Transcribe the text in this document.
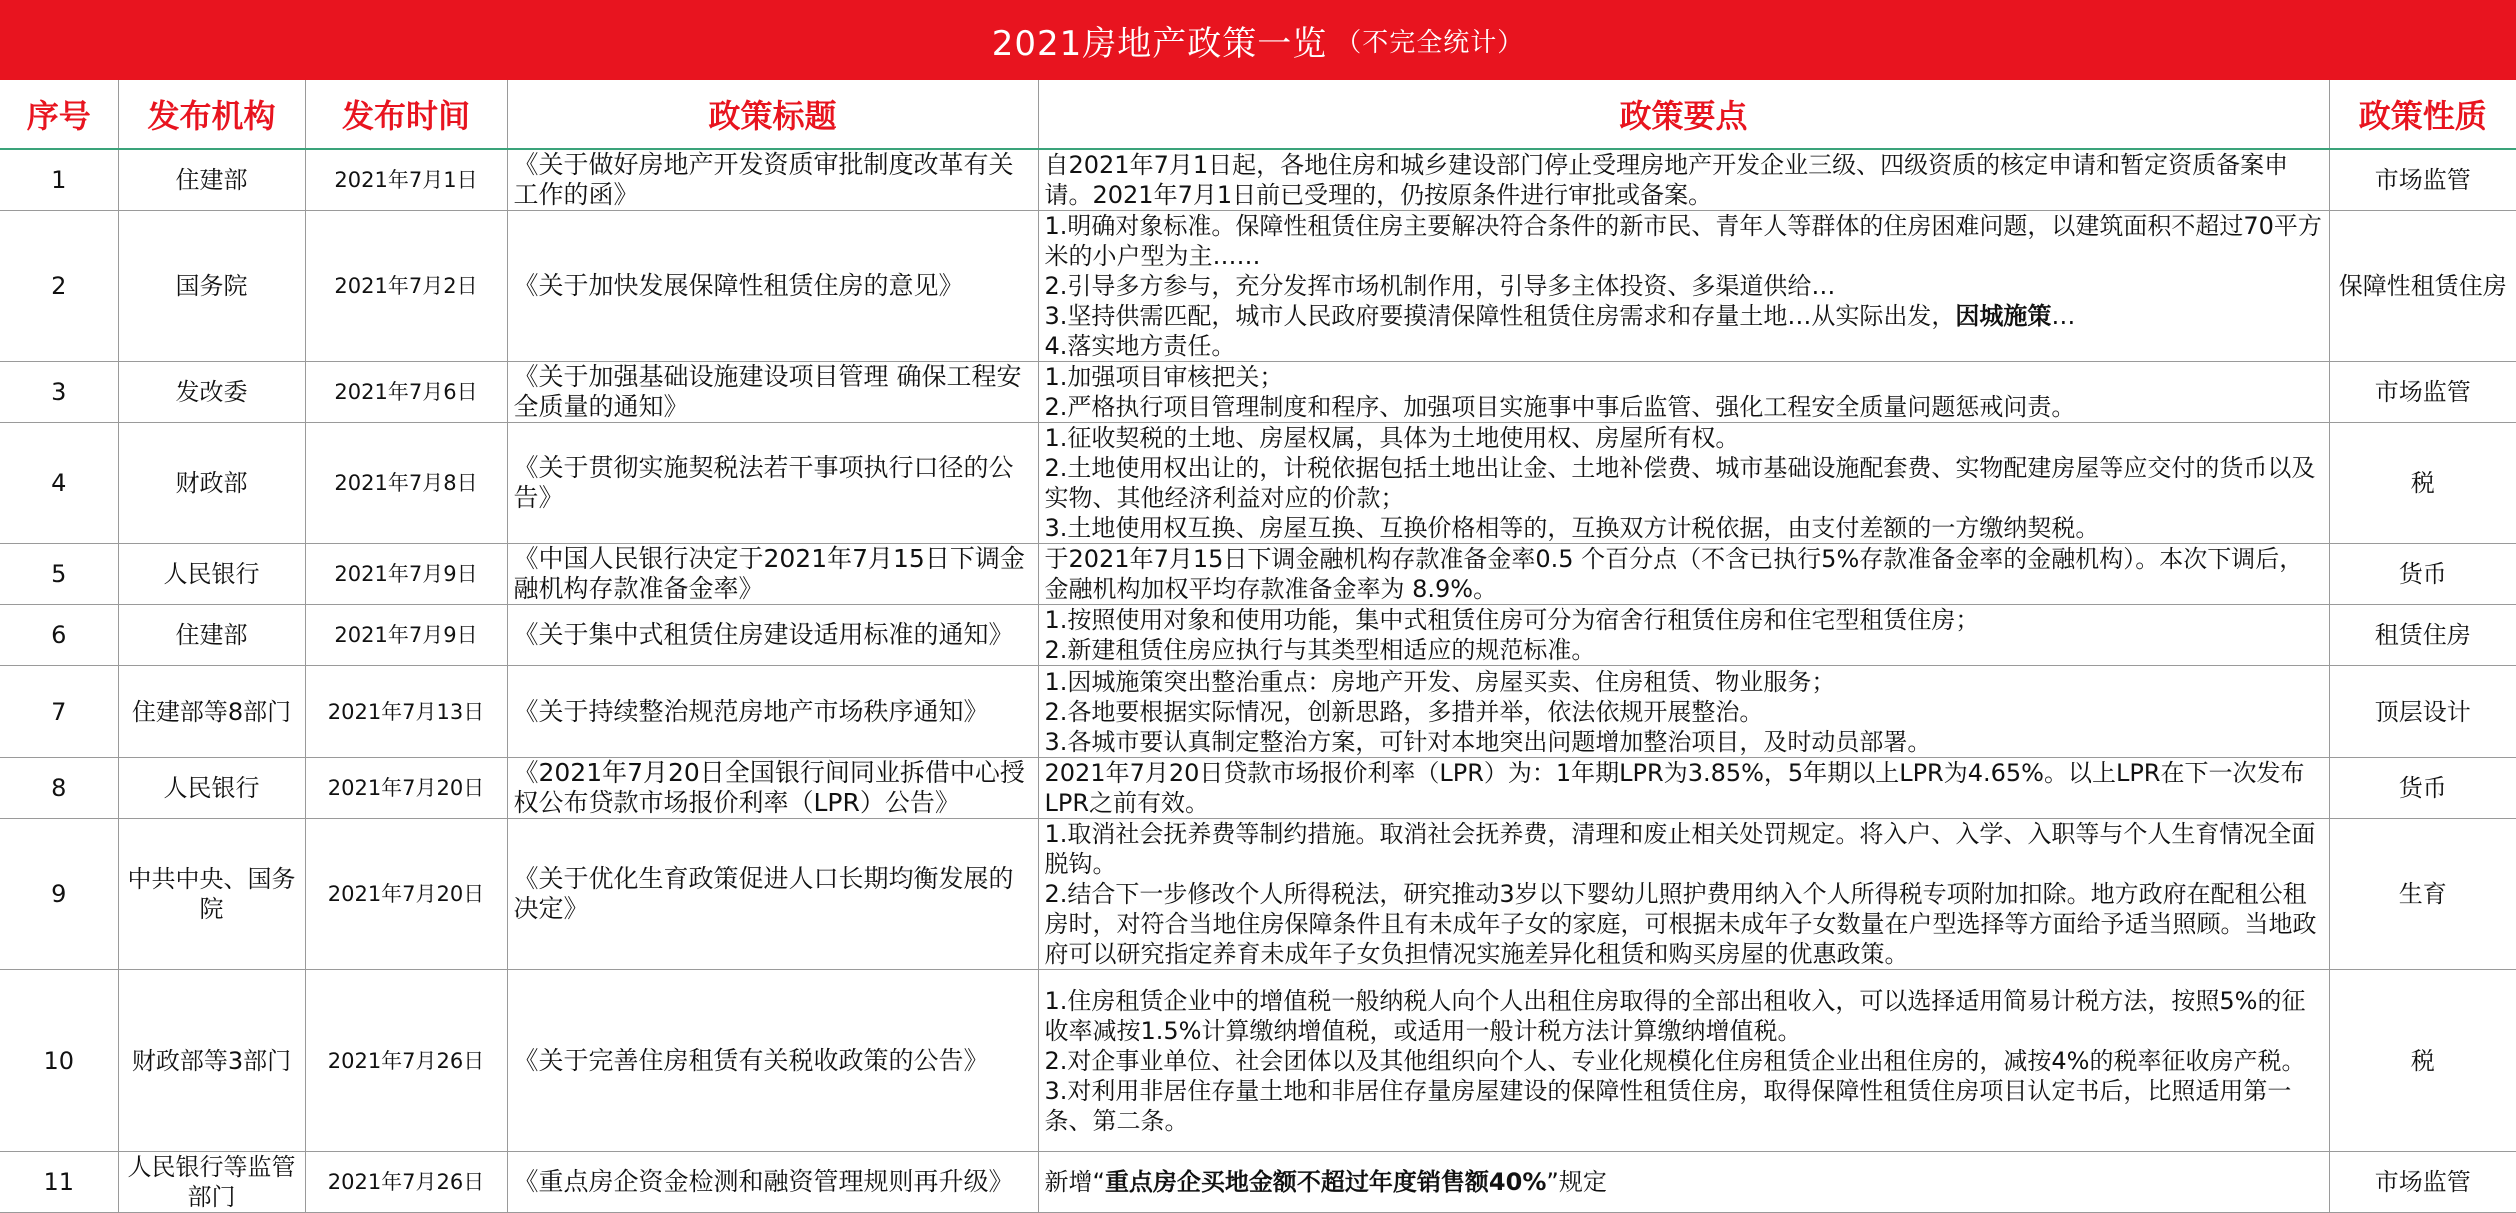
2021房地产政策一览 （不完全统计）
序号	发布机构	发布时间	政策标题	政策要点	政策性质
1	住建部	2021年7月1日	《关于做好房地产开发资质审批制度改革有关工作的函》	自2021年7月1日起，各地住房和城乡建设部门停止受理房地产开发企业三级、四级资质的核定申请和暂定资质备案申请。2021年7月1日前已受理的，仍按原条件进行审批或备案。	市场监管
2	国务院	2021年7月2日	《关于加快发展保障性租赁住房的意见》	1.明确对象标准。保障性租赁住房主要解决符合条件的新市民、青年人等群体的住房困难问题，以建筑面积不超过70平方米的小户型为主……
2.引导多方参与，充分发挥市场机制作用，引导多主体投资、多渠道供给…
3.坚持供需匹配，城市人民政府要摸清保障性租赁住房需求和存量土地…从实际出发，因城施策…
4.落实地方责任。	保障性租赁住房
3	发改委	2021年7月6日	《关于加强基础设施建设项目管理 确保工程安全质量的通知》	1.加强项目审核把关；
2.严格执行项目管理制度和程序、加强项目实施事中事后监管、强化工程安全质量问题惩戒问责。	市场监管
4	财政部	2021年7月8日	《关于贯彻实施契税法若干事项执行口径的公告》	1.征收契税的土地、房屋权属，具体为土地使用权、房屋所有权。
2.土地使用权出让的，计税依据包括土地出让金、土地补偿费、城市基础设施配套费、实物配建房屋等应交付的货币以及实物、其他经济利益对应的价款；
3.土地使用权互换、房屋互换、互换价格相等的，互换双方计税依据，由支付差额的一方缴纳契税。	税
5	人民银行	2021年7月9日	《中国人民银行决定于2021年7月15日下调金融机构存款准备金率》	于2021年7月15日下调金融机构存款准备金率0.5 个百分点（不含已执行5%存款准备金率的金融机构）。本次下调后，金融机构加权平均存款准备金率为 8.9%。	货币
6	住建部	2021年7月9日	《关于集中式租赁住房建设适用标准的通知》	1.按照使用对象和使用功能，集中式租赁住房可分为宿舍行租赁住房和住宅型租赁住房；
2.新建租赁住房应执行与其类型相适应的规范标准。	租赁住房
7	住建部等8部门	2021年7月13日	《关于持续整治规范房地产市场秩序通知》	1.因城施策突出整治重点：房地产开发、房屋买卖、住房租赁、物业服务；
2.各地要根据实际情况，创新思路，多措并举，依法依规开展整治。
3.各城市要认真制定整治方案，可针对本地突出问题增加整治项目，及时动员部署。	顶层设计
8	人民银行	2021年7月20日	《2021年7月20日全国银行间同业拆借中心授权公布贷款市场报价利率（LPR）公告》	2021年7月20日贷款市场报价利率（LPR）为：1年期LPR为3.85%，5年期以上LPR为4.65%。以上LPR在下一次发布LPR之前有效。	货币
9	中共中央、国务院	2021年7月20日	《关于优化生育政策促进人口长期均衡发展的决定》	1.取消社会抚养费等制约措施。取消社会抚养费，清理和废止相关处罚规定。将入户、入学、入职等与个人生育情况全面脱钩。
2.结合下一步修改个人所得税法，研究推动3岁以下婴幼儿照护费用纳入个人所得税专项附加扣除。地方政府在配租公租房时，对符合当地住房保障条件且有未成年子女的家庭，可根据未成年子女数量在户型选择等方面给予适当照顾。当地政府可以研究指定养育未成年子女负担情况实施差异化租赁和购买房屋的优惠政策。	生育
10	财政部等3部门	2021年7月26日	《关于完善住房租赁有关税收政策的公告》	1.住房租赁企业中的增值税一般纳税人向个人出租住房取得的全部出租收入，可以选择适用简易计税方法，按照5%的征收率减按1.5%计算缴纳增值税，或适用一般计税方法计算缴纳增值税。
2.对企事业单位、社会团体以及其他组织向个人、专业化规模化住房租赁企业出租住房的，减按4%的税率征收房产税。
3.对利用非居住存量土地和非居住存量房屋建设的保障性租赁住房，取得保障性租赁住房项目认定书后，比照适用第一条、第二条。	税
11	人民银行等监管部门	2021年7月26日	《重点房企资金检测和融资管理规则再升级》	新增“重点房企买地金额不超过年度销售额40%”规定	市场监管
